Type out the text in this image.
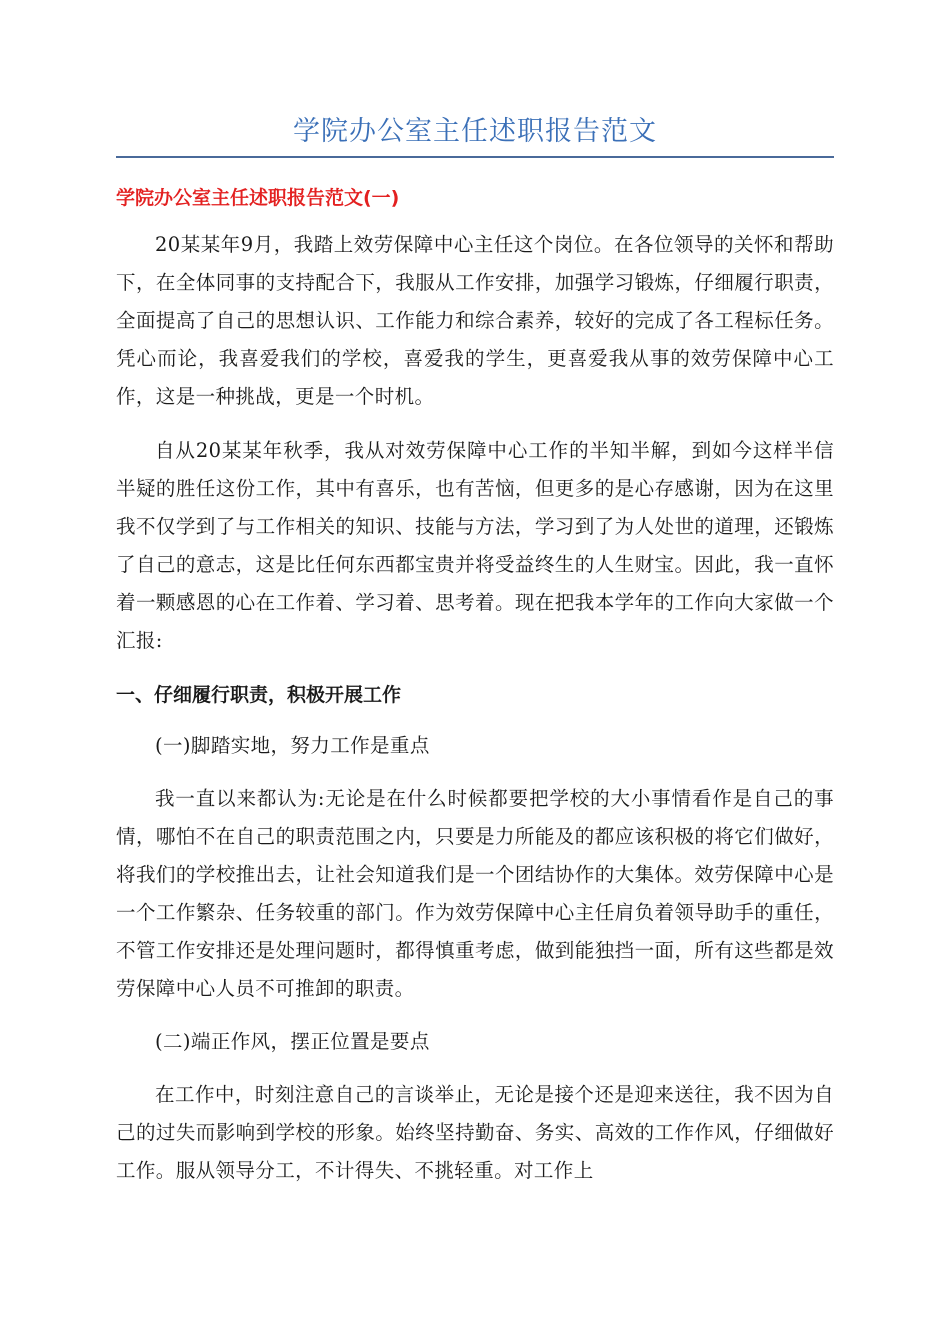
学院办公室主任述职报告范文
学院办公室主任述职报告范文(一)

20某某年9月，我踏上效劳保障中心主任这个岗位。在各位领导的关怀和帮助下，在全体同事的支持配合下，我服从工作安排，加强学习锻炼，仔细履行职责，全面提高了自己的思想认识、工作能力和综合素养，较好的完成了各工程标任务。凭心而论，我喜爱我们的学校，喜爱我的学生，更喜爱我从事的效劳保障中心工作，这是一种挑战，更是一个时机。

自从20某某年秋季，我从对效劳保障中心工作的半知半解，到如今这样半信半疑的胜任这份工作，其中有喜乐，也有苦恼，但更多的是心存感谢，因为在这里我不仅学到了与工作相关的知识、技能与方法，学习到了为人处世的道理，还锻炼了自己的意志，这是比任何东西都宝贵并将受益终生的人生财宝。因此，我一直怀着一颗感恩的心在工作着、学习着、思考着。现在把我本学年的工作向大家做一个汇报:

一、仔细履行职责，积极开展工作
(一)脚踏实地，努力工作是重点

我一直以来都认为:无论是在什么时候都要把学校的大小事情看作是自己的事情，哪怕不在自己的职责范围之内，只要是力所能及的都应该积极的将它们做好，将我们的学校推出去，让社会知道我们是一个团结协作的大集体。效劳保障中心是一个工作繁杂、任务较重的部门。作为效劳保障中心主任肩负着领导助手的重任，不管工作安排还是处理问题时，都得慎重考虑，做到能独挡一面，所有这些都是效劳保障中心人员不可推卸的职责。

(二)端正作风，摆正位置是要点

在工作中，时刻注意自己的言谈举止，无论是接个还是迎来送往，我不因为自己的过失而影响到学校的形象。始终坚持勤奋、务实、高效的工作作风，仔细做好工作。服从领导分工，不计得失、不挑轻重。对工作上
